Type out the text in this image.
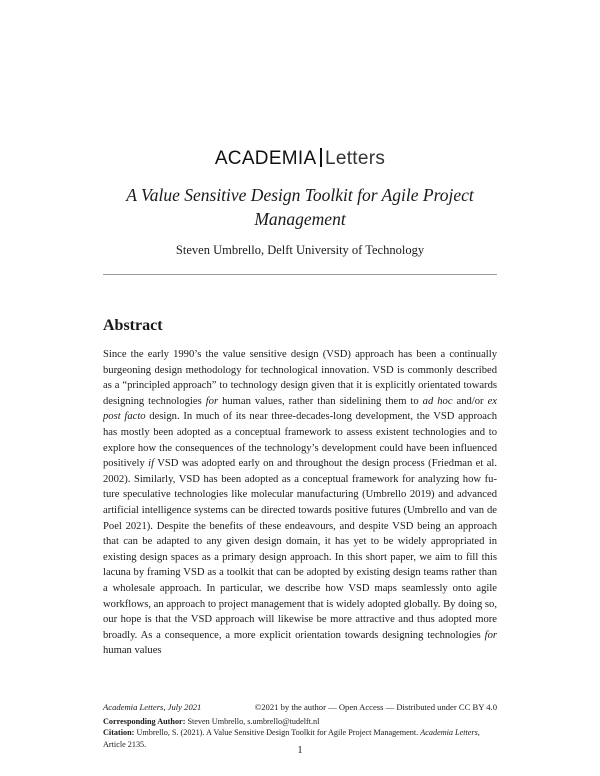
ACADEMIA Letters
A Value Sensitive Design Toolkit for Agile Project Management
Steven Umbrello, Delft University of Technology
Abstract

Since the early 1990’s the value sensitive design (VSD) approach has been a continually burgeoning design methodology for technological innovation. VSD is commonly described as a “principled approach” to technology design given that it is explicitly orientated towards designing technologies for human values, rather than sidelining them to ad hoc and/or ex post facto design. In much of its near three-decades-long development, the VSD approach has mostly been adopted as a conceptual framework to assess existent technologies and to explore how the consequences of the technology’s development could have been influenced positively if VSD was adopted early on and throughout the design process (Friedman et al. 2002). Similarly, VSD has been adopted as a conceptual framework for analyzing how future speculative technologies like molecular manufacturing (Umbrello 2019) and advanced artificial intelligence systems can be directed towards positive futures (Umbrello and van de Poel 2021). Despite the benefits of these endeavours, and despite VSD being an approach that can be adapted to any given design domain, it has yet to be widely appropriated in existing design spaces as a primary design approach. In this short paper, we aim to fill this lacuna by framing VSD as a toolkit that can be adopted by existing design teams rather than a wholesale approach. In particular, we describe how VSD maps seamlessly onto agile workflows, an approach to project management that is widely adopted globally. By doing so, our hope is that the VSD approach will likewise be more attractive and thus adopted more broadly. As a consequence, a more explicit orientation towards designing technologies for human values

Academia Letters, July 2021	©2021 by the author — Open Access — Distributed under CC BY 4.0
Corresponding Author: Steven Umbrello, s.umbrello@tudelft.nl
Citation: Umbrello, S. (2021). A Value Sensitive Design Toolkit for Agile Project Management. Academia Letters, Article 2135.
1
